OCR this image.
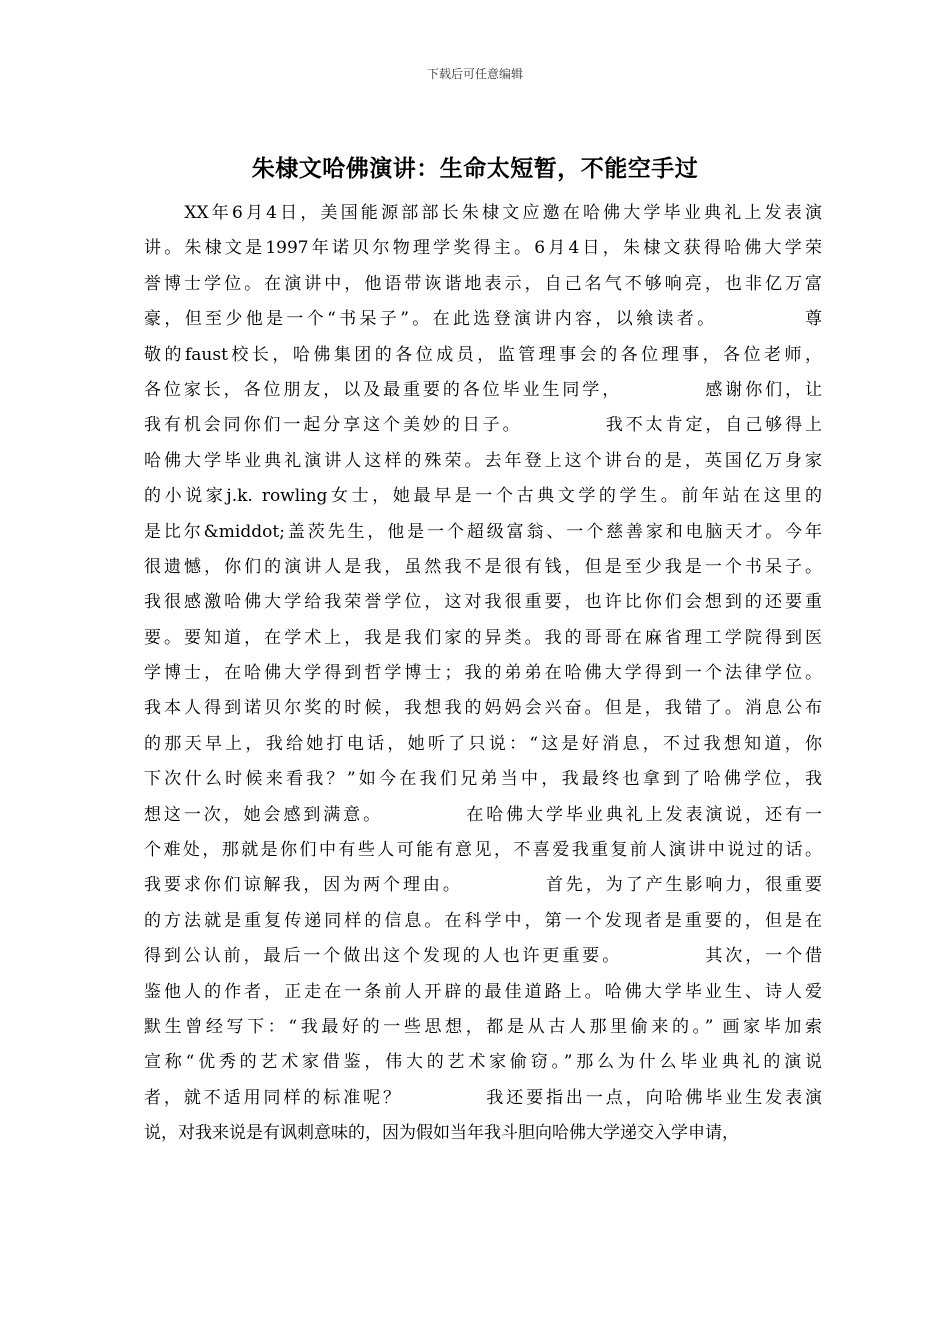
下载后可任意编辑
朱棣文哈佛演讲：生命太短暂，不能空手过
　　XX年6月4日，美国能源部部长朱棣文应邀在哈佛大学毕业典礼上发表演
讲。朱棣文是1997年诺贝尔物理学奖得主。6月4日，朱棣文获得哈佛大学荣
誉博士学位。在演讲中，他语带诙谐地表示，自己名气不够响亮，也非亿万富
豪，但至少他是一个“书呆子”。在此选登演讲内容，以飨读者。          尊
敬的faust校长，哈佛集团的各位成员，监管理事会的各位理事，各位老师，
各位家长，各位朋友，以及最重要的各位毕业生同学，          感谢你们，让
我有机会同你们一起分享这个美妙的日子。          我不太肯定，自己够得上
哈佛大学毕业典礼演讲人这样的殊荣。去年登上这个讲台的是，英国亿万身家
的小说家j.k. rowling女士，她最早是一个古典文学的学生。前年站在这里的
是比尔&middot;盖茨先生，他是一个超级富翁、一个慈善家和电脑天才。今年
很遗憾，你们的演讲人是我，虽然我不是很有钱，但是至少我是一个书呆子。
我很感激哈佛大学给我荣誉学位，这对我很重要，也许比你们会想到的还要重
要。要知道，在学术上，我是我们家的异类。我的哥哥在麻省理工学院得到医
学博士，在哈佛大学得到哲学博士；我的弟弟在哈佛大学得到一个法律学位。
我本人得到诺贝尔奖的时候，我想我的妈妈会兴奋。但是，我错了。消息公布
的那天早上，我给她打电话，她听了只说：“这是好消息，不过我想知道，你
下次什么时候来看我？”如今在我们兄弟当中，我最终也拿到了哈佛学位，我
想这一次，她会感到满意。          在哈佛大学毕业典礼上发表演说，还有一
个难处，那就是你们中有些人可能有意见，不喜爱我重复前人演讲中说过的话。
我要求你们谅解我，因为两个理由。          首先，为了产生影响力，很重要
的方法就是重复传递同样的信息。在科学中，第一个发现者是重要的，但是在
得到公认前，最后一个做出这个发现的人也许更重要。          其次，一个借
鉴他人的作者，正走在一条前人开辟的最佳道路上。哈佛大学毕业生、诗人爱
默生曾经写下：“我最好的一些思想，都是从古人那里偷来的。” 画家毕加索
宣称“优秀的艺术家借鉴，伟大的艺术家偷窃。”那么为什么毕业典礼的演说
者，就不适用同样的标准呢？          我还要指出一点，向哈佛毕业生发表演
说，对我来说是有讽刺意味的，因为假如当年我斗胆向哈佛大学递交入学申请，
